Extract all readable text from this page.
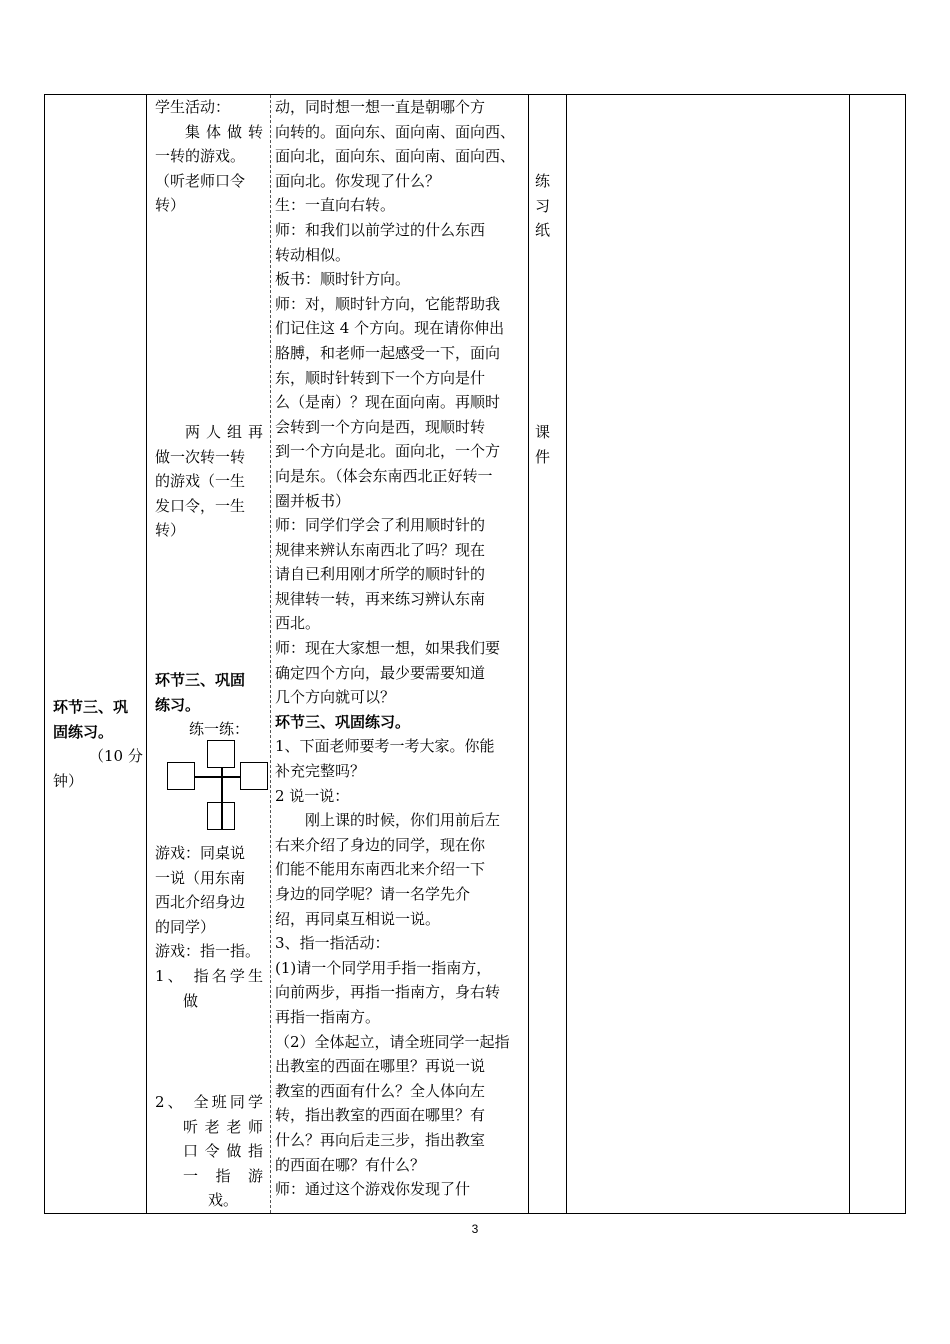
环节三、巩
固练习。
（10 分
钟）
学生活动：
集体做转
一转的游戏。
（听老师口令
转）
两人组再
做一次转一转
的游戏（一生
发口令，一生
转）
环节三、巩固
练习。
练一练：
游戏：同桌说
一说（用东南
西北介绍身边
的同学）
游戏：指一指。
1、 指名学生
做
2、 全班同学
听老老师
口令做指
一 指 游
戏。
动，同时想一想一直是朝哪个方
向转的。面向东、面向南、面向西、
面向北，面向东、面向南、面向西、
面向北。你发现了什么？
生：一直向右转。
师：和我们以前学过的什么东西
转动相似。
板书：顺时针方向。
师：对，顺时针方向，它能帮助我
们记住这 4 个方向。现在请你伸出
胳膊，和老师一起感受一下，面向
东，顺时针转到下一个方向是什
么（是南）？现在面向南。再顺时
会转到一个方向是西，现顺时转
到一个方向是北。面向北，一个方
向是东。（体会东南西北正好转一
圈并板书）
师：同学们学会了利用顺时针的
规律来辨认东南西北了吗？现在
请自已利用刚才所学的顺时针的
规律转一转，再来练习辨认东南
西北。
师：现在大家想一想，如果我们要
确定四个方向，最少要需要知道
几个方向就可以？
环节三、巩固练习。
1、下面老师要考一考大家。你能
补充完整吗？
2 说一说：
刚上课的时候，你们用前后左
右来介绍了身边的同学，现在你
们能不能用东南西北来介绍一下
身边的同学呢？请一名学先介
绍，再同桌互相说一说。
3、指一指活动：
(1)请一个同学用手指一指南方，
向前两步，再指一指南方，身右转
再指一指南方。
（2）全体起立，请全班同学一起指
出教室的西面在哪里？再说一说
教室的西面有什么？全人体向左
转，指出教室的西面在哪里？有
什么？再向后走三步，指出教室
的西面在哪？有什么？
师：通过这个游戏你发现了什
练
习
纸
课
件
3
